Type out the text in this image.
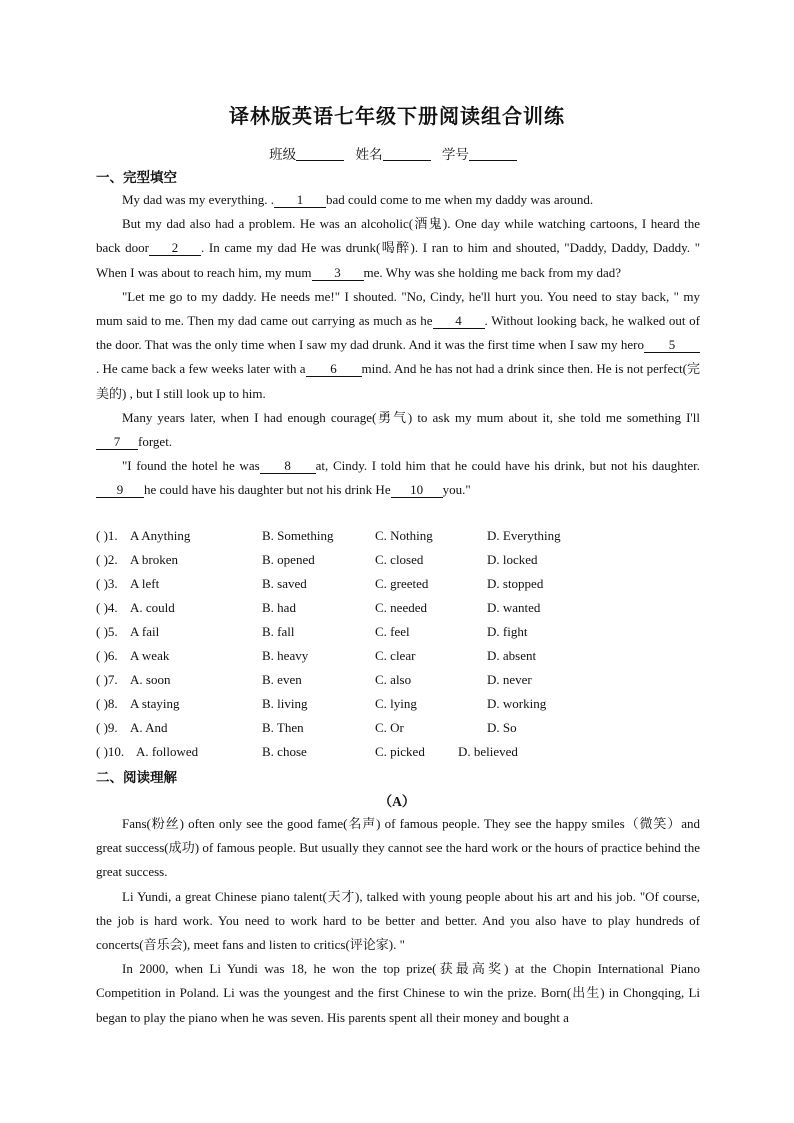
译林版英语七年级下册阅读组合训练
班级	姓名	学号
一、完型填空

My dad was my everything. . 1 bad could come to me when my daddy was around.

But my dad also had a problem. He was an alcoholic(酒鬼). One day while watching cartoons, I heard the back door 2 . In came my dad He was drunk(喝醉). I ran to him and shouted, "Daddy, Daddy, Daddy. " When I was about to reach him, my mum 3 me. Why was she holding me back from my dad?

"Let me go to my daddy. He needs me!" I shouted. "No, Cindy, he'll hurt you. You need to stay back, " my mum said to me. Then my dad came out carrying as much as he 4 . Without looking back, he walked out of the door. That was the only time when I saw my dad drunk. And it was the first time when I saw my hero 5. He came back a few weeks later with a 6 mind. And he has not had a drink since then. He is not perfect(完美的) , but I still look up to him.

Many years later, when I had enough courage(勇气) to ask my mum about it, she told me something I'll7 forget.

"I found the hotel he was 8 at, Cindy. I told him that he could have his drink, but not his daughter.9 he could have his daughter but not his drink He 10 you."

( )1. A Anything	B. Something	C. Nothing	D. Everything
( )2. A broken	B. opened	C. closed	D. locked
( )3. A left	B. saved	C. greeted	D. stopped
( )4. A. could	B. had	C. needed	D. wanted
( )5. A fail	B. fall	C. feel	D. fight
( )6. A weak	B. heavy	C. clear	D. absent
( )7. A. soon	B. even	C. also	D. never
( )8. A staying	B. living	C. lying	D. working
( )9. A. And	B. Then	C. Or	D. So
( )10. A. followed	B. chose	C. picked	D. believed
二、阅读理解
（A）

Fans(粉丝) often only see the good fame(名声) of famous people. They see the happy smiles（微笑）and great success(成功) of famous people. But usually they cannot see the hard work or the hours of practice behind the great success.

Li Yundi, a great Chinese piano talent(天才), talked with young people about his art and his job. "Of course, the job is hard work. You need to work hard to be better and better. And you also have to play hundreds of concerts(音乐会), meet fans and listen to critics(评论家). "

In 2000, when Li Yundi was 18, he won the top prize(获最高奖) at the Chopin International Piano Competition in Poland. Li was the youngest and the first Chinese to win the prize. Born(出生) in Chongqing, Li began to play the piano when he was seven. His parents spent all their money and bought a
